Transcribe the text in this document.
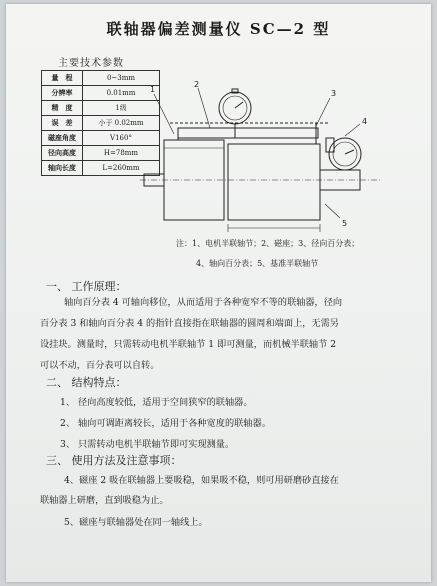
联轴器偏差测量仪 SC—2 型
主要技术参数
量　程	0~3mm
分辨率	0.01mm
精　度	1级
误　差	小于 0.02mm
磁座角度	V160°
径向高度	H=78mm
轴向长度	L=260mm
1
2
3
4
5
注：1、电机半联轴节；2、磁座；3、径向百分表；
4、轴向百分表；5、基准半联轴节
一、 工作原理：
轴向百分表 4 可轴向移位，从而适用于各种宽窄不等的联轴器，径向
百分表 3 和轴向百分表 4 的指针直接指在联轴器的圆周和端面上，无需另
设挂块。测量时，只需转动电机半联轴节 1 即可测量，而机械半联轴节 2
可以不动，百分表可以自转。
二、 结构特点：
1、 径向高度较低，适用于空间狭窄的联轴器。
2、 轴向可调距离较长，适用于各种宽度的联轴器。
3、 只需转动电机半联轴节即可实现测量。
三、 使用方法及注意事项：
4、磁座 2 吸在联轴器上要吸稳，如果吸不稳，则可用研磨砂直接在
联轴器上研磨，直到吸稳为止。
5、磁座与联轴器处在同一轴线上。
